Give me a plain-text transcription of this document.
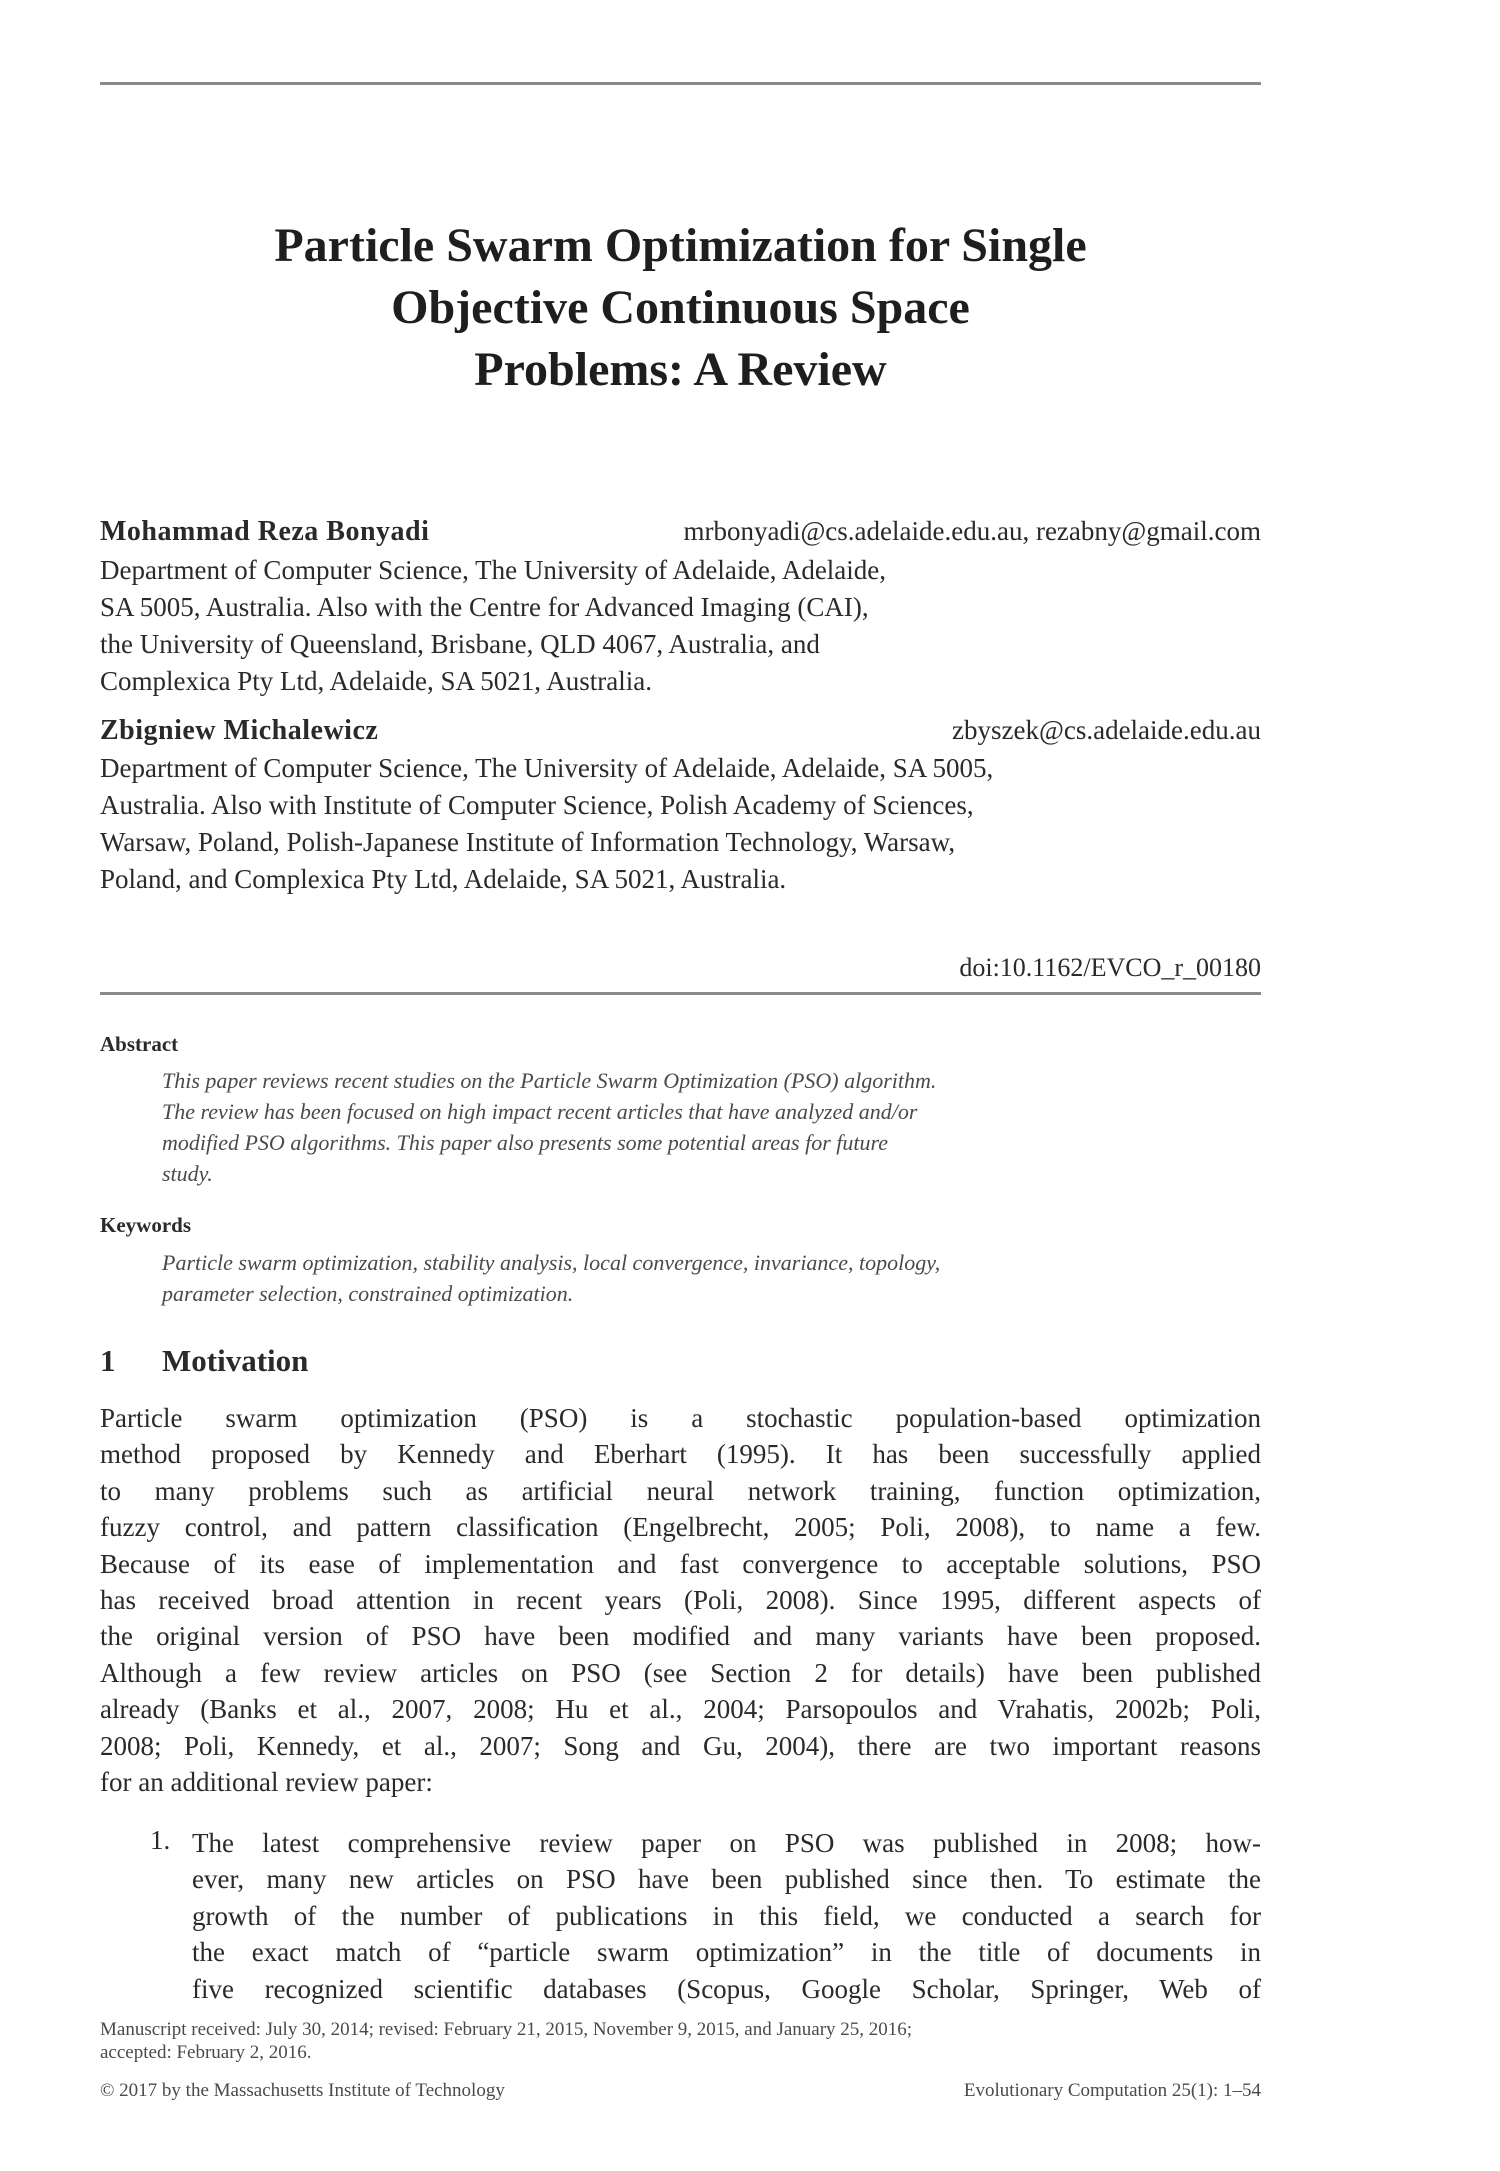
Particle Swarm Optimization for Single
Objective Continuous Space
Problems: A Review
Mohammad Reza Bonyadi	mrbonyadi@cs.adelaide.edu.au, rezabny@gmail.com

Department of Computer Science, The University of Adelaide, Adelaide,
SA 5005, Australia. Also with the Centre for Advanced Imaging (CAI),
the University of Queensland, Brisbane, QLD 4067, Australia, and
Complexica Pty Ltd, Adelaide, SA 5021, Australia.

Zbigniew Michalewicz	zbyszek@cs.adelaide.edu.au

Department of Computer Science, The University of Adelaide, Adelaide, SA 5005,
Australia. Also with Institute of Computer Science, Polish Academy of Sciences,
Warsaw, Poland, Polish-Japanese Institute of Information Technology, Warsaw,
Poland, and Complexica Pty Ltd, Adelaide, SA 5021, Australia.

doi:10.1162/EVCO_r_00180
Abstract

This paper reviews recent studies on the Particle Swarm Optimization (PSO) algorithm.
The review has been focused on high impact recent articles that have analyzed and/or
modified PSO algorithms. This paper also presents some potential areas for future
study.

Keywords

Particle swarm optimization, stability analysis, local convergence, invariance, topology,
parameter selection, constrained optimization.

1 Motivation

Particle swarm optimization (PSO) is a stochastic population-based optimization
method proposed by Kennedy and Eberhart (1995). It has been successfully applied
to many problems such as artificial neural network training, function optimization,
fuzzy control, and pattern classification (Engelbrecht, 2005; Poli, 2008), to name a few.
Because of its ease of implementation and fast convergence to acceptable solutions, PSO
has received broad attention in recent years (Poli, 2008). Since 1995, different aspects of
the original version of PSO have been modified and many variants have been proposed.
Although a few review articles on PSO (see Section 2 for details) have been published
already (Banks et al., 2007, 2008; Hu et al., 2004; Parsopoulos and Vrahatis, 2002b; Poli,
2008; Poli, Kennedy, et al., 2007; Song and Gu, 2004), there are two important reasons
for an additional review paper:

1. The latest comprehensive review paper on PSO was published in 2008; how-
ever, many new articles on PSO have been published since then. To estimate the
growth of the number of publications in this field, we conducted a search for
the exact match of “particle swarm optimization” in the title of documents in
five recognized scientific databases (Scopus, Google Scholar, Springer, Web of

Manuscript received: July 30, 2014; revised: February 21, 2015, November 9, 2015, and January 25, 2016;
accepted: February 2, 2016.

© 2017 by the Massachusetts Institute of Technology	Evolutionary Computation 25(1): 1–54
